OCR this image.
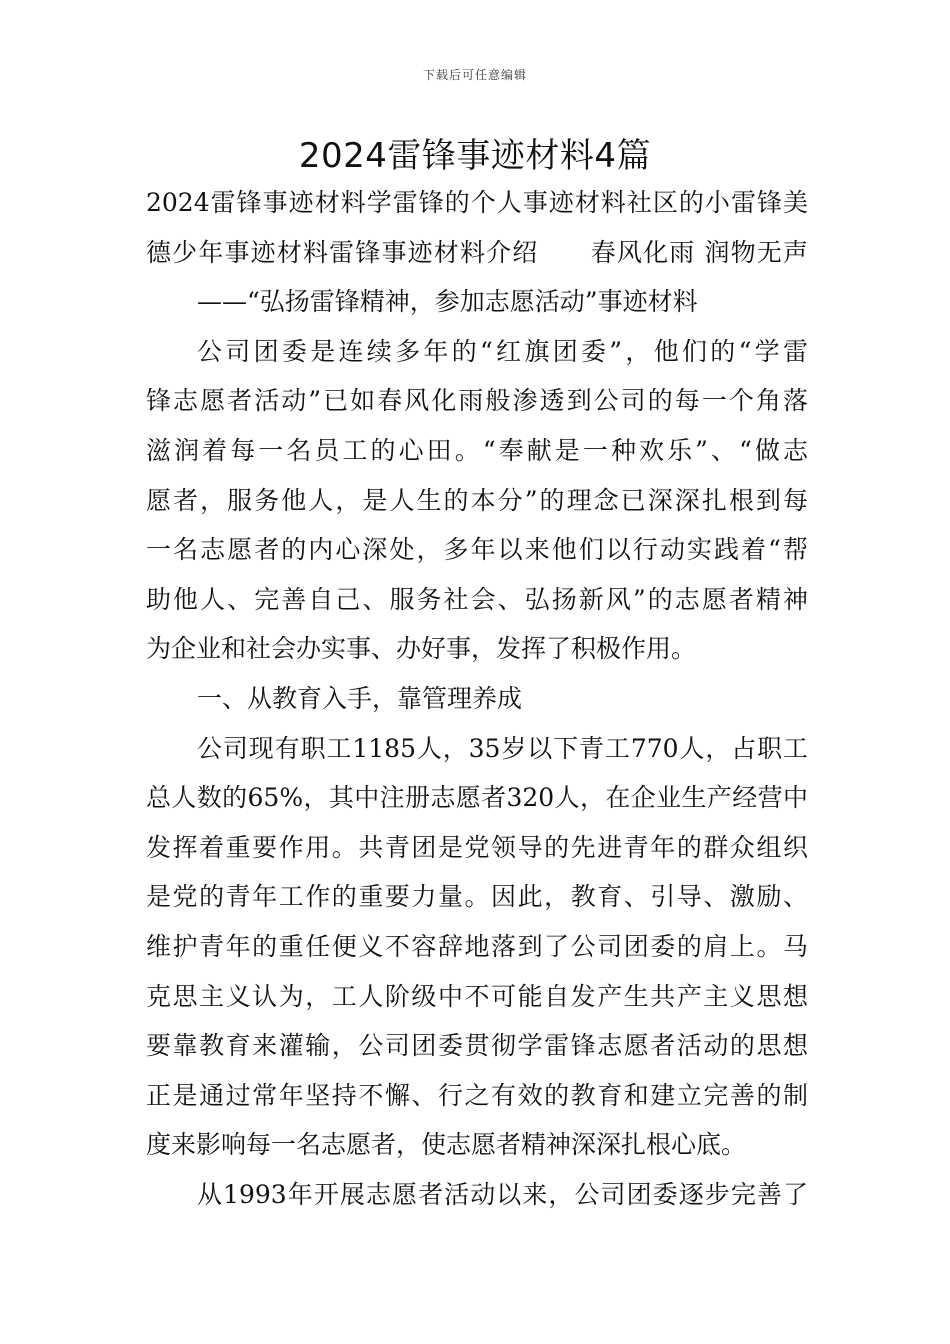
下载后可任意编辑
2024雷锋事迹材料4篇
2024雷锋事迹材料学雷锋的个人事迹材料社区的小雷锋美
德少年事迹材料雷锋事迹材料介绍　　春风化雨 润物无声
——“弘扬雷锋精神，参加志愿活动”事迹材料
公司团委是连续多年的“红旗团委”，他们的“学雷
锋志愿者活动”已如春风化雨般渗透到公司的每一个角落
滋润着每一名员工的心田。“奉献是一种欢乐”、“做志
愿者，服务他人，是人生的本分”的理念已深深扎根到每
一名志愿者的内心深处，多年以来他们以行动实践着“帮
助他人、完善自己、服务社会、弘扬新风”的志愿者精神
为企业和社会办实事、办好事，发挥了积极作用。
一、从教育入手，靠管理养成
公司现有职工1185人，35岁以下青工770人，占职工
总人数的65%，其中注册志愿者320人，在企业生产经营中
发挥着重要作用。共青团是党领导的先进青年的群众组织
是党的青年工作的重要力量。因此，教育、引导、激励、
维护青年的重任便义不容辞地落到了公司团委的肩上。马
克思主义认为，工人阶级中不可能自发产生共产主义思想
要靠教育来灌输，公司团委贯彻学雷锋志愿者活动的思想
正是通过常年坚持不懈、行之有效的教育和建立完善的制
度来影响每一名志愿者，使志愿者精神深深扎根心底。
从1993年开展志愿者活动以来，公司团委逐步完善了
